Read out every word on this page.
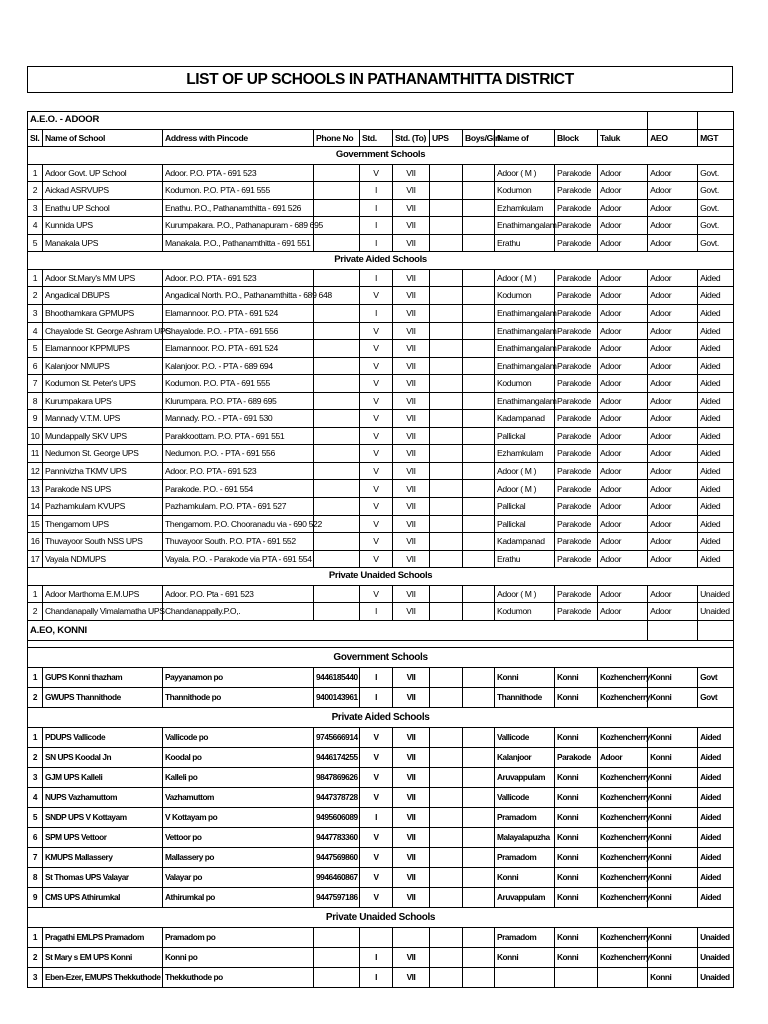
LIST OF UP SCHOOLS IN PATHANAMTHITTA DISTRICT
A.E.O. - ADOOR												
Sl.	Name of School	Address with Pincode	Phone No	Std.	Std. (To)	UPS	Boys/Girl	Name of	Block	Taluk	AEO	MGT
Government Schools												
1	Adoor Govt. UP School	Adoor. P.O. PTA - 691 523		V	VII			Adoor ( M )	Parakode	Adoor	Adoor	Govt.
2	Aickad ASRVUPS	Kodumon. P.O. PTA - 691 555		I	VII			Kodumon	Parakode	Adoor	Adoor	Govt.
3	Enathu UP School	Enathu. P.O., Pathanamthitta - 691 526		I	VII			Ezhamkulam	Parakode	Adoor	Adoor	Govt.
4	Kunnida UPS	Kurumpakara. P.O., Pathanapuram - 689 695		I	VII			Enathimangalam	Parakode	Adoor	Adoor	Govt.
5	Manakala UPS	Manakala. P.O., Pathanamthitta - 691 551		I	VII			Erathu	Parakode	Adoor	Adoor	Govt.
Private Aided Schools												
1	Adoor St.Mary's MM UPS	Adoor. P.O. PTA - 691 523		I	VII			Adoor ( M )	Parakode	Adoor	Adoor	Aided
2	Angadical DBUPS	Angadical North. P.O., Pathanamthitta - 689 648		V	VII			Kodumon	Parakode	Adoor	Adoor	Aided
3	Bhoothamkara GPMUPS	Elamannoor. P.O. PTA - 691 524		I	VII			Enathimangalam	Parakode	Adoor	Adoor	Aided
4	Chayalode St. George Ashram UPS	Chayalode. P.O. - PTA - 691 556		V	VII			Enathimangalam	Parakode	Adoor	Adoor	Aided
5	Elamannoor KPPMUPS	Elamannoor. P.O. PTA - 691 524		V	VII			Enathimangalam	Parakode	Adoor	Adoor	Aided
6	Kalanjoor NMUPS	Kalanjoor. P.O. - PTA - 689 694		V	VII			Enathimangalam	Parakode	Adoor	Adoor	Aided
7	Kodumon St. Peter's UPS	Kodumon. P.O. PTA - 691 555		V	VII			Kodumon	Parakode	Adoor	Adoor	Aided
8	Kurumpakara UPS	Klurumpara. P.O. PTA - 689 695		V	VII			Enathimangalam	Parakode	Adoor	Adoor	Aided
9	Mannady V.T.M. UPS	Mannady. P.O. - PTA - 691 530		V	VII			Kadampanad	Parakode	Adoor	Adoor	Aided
10	Mundappally SKV UPS	Parakkoottam. P.O. PTA - 691 551		V	VII			Pallickal	Parakode	Adoor	Adoor	Aided
11	Nedumon St. George UPS	Nedumon. P.O. - PTA - 691 556		V	VII			Ezhamkulam	Parakode	Adoor	Adoor	Aided
12	Pannivizha TKMV UPS	Adoor. P.O. PTA - 691 523		V	VII			Adoor ( M )	Parakode	Adoor	Adoor	Aided
13	Parakode NS UPS	Parakode. P.O. - 691 554		V	VII			Adoor ( M )	Parakode	Adoor	Adoor	Aided
14	Pazhamkulam KVUPS	Pazhamkulam. P.O. PTA - 691 527		V	VII			Pallickal	Parakode	Adoor	Adoor	Aided
15	Thengamom UPS	Thengamom. P.O. Chooranadu via - 690 522		V	VII			Pallickal	Parakode	Adoor	Adoor	Aided
16	Thuvayoor South NSS UPS	Thuvayoor South. P.O. PTA - 691 552		V	VII			Kadampanad	Parakode	Adoor	Adoor	Aided
17	Vayala NDMUPS	Vayala. P.O. - Parakode via PTA - 691 554		V	VII			Erathu	Parakode	Adoor	Adoor	Aided
Private Unaided Schools												
1	Adoor Marthoma E.M.UPS	Adoor. P.O. Pta - 691 523		V	VII			Adoor ( M )	Parakode	Adoor	Adoor	Unaided
2	Chandanapally Vimalamatha UPS	Chandanappally.P.O,.		I	VII			Kodumon	Parakode	Adoor	Adoor	Unaided
A.EO, KONNI												

Government Schools												
1	GUPS Konni thazham	Payyanamon po	9446185440	I	VII			Konni	Konni	Kozhencherry	Konni	Govt
2	GWUPS Thannithode	Thannithode po	9400143961	I	VII			Thannithode	Konni	Kozhencherry	Konni	Govt
Private Aided Schools												
1	PDUPS Vallicode	Vallicode po	9745666914	V	VII			Vallicode	Konni	Kozhencherry	Konni	Aided
2	SN UPS Koodal Jn	Koodal po	9446174255	V	VII			Kalanjoor	Parakode	Adoor	Konni	Aided
3	GJM UPS Kalleli	Kalleli po	9847869626	V	VII			Aruvappulam	Konni	Kozhencherry	Konni	Aided
4	NUPS Vazhamuttom	Vazhamuttom	9447378728	V	VII			Vallicode	Konni	Kozhencherry	Konni	Aided
5	SNDP UPS V Kottayam	V Kottayam po	9495606089	I	VII			Pramadom	Konni	Kozhencherry	Konni	Aided
6	SPM UPS Vettoor	Vettoor po	9447783360	V	VII			Malayalapuzha	Konni	Kozhencherry	Konni	Aided
7	KMUPS Mallassery	Mallassery po	9447569860	V	VII			Pramadom	Konni	Kozhencherry	Konni	Aided
8	St Thomas UPS Valayar	Valayar po	9946460867	V	VII			Konni	Konni	Kozhencherry	Konni	Aided
9	CMS UPS Athirumkal	Athirumkal po	9447597186	V	VII			Aruvappulam	Konni	Kozhencherry	Konni	Aided
Private Unaided Schools												
1	Pragathi EMLPS Pramadom	Pramadom po						Pramadom	Konni	Kozhencherry	Konni	Unaided
2	St Mary s EM UPS Konni	Konni po		I	VII			Konni	Konni	Kozhencherry	Konni	Unaided
3	Eben-Ezer, EMUPS Thekkuthode	Thekkuthode po		I	VII						Konni	Unaided
